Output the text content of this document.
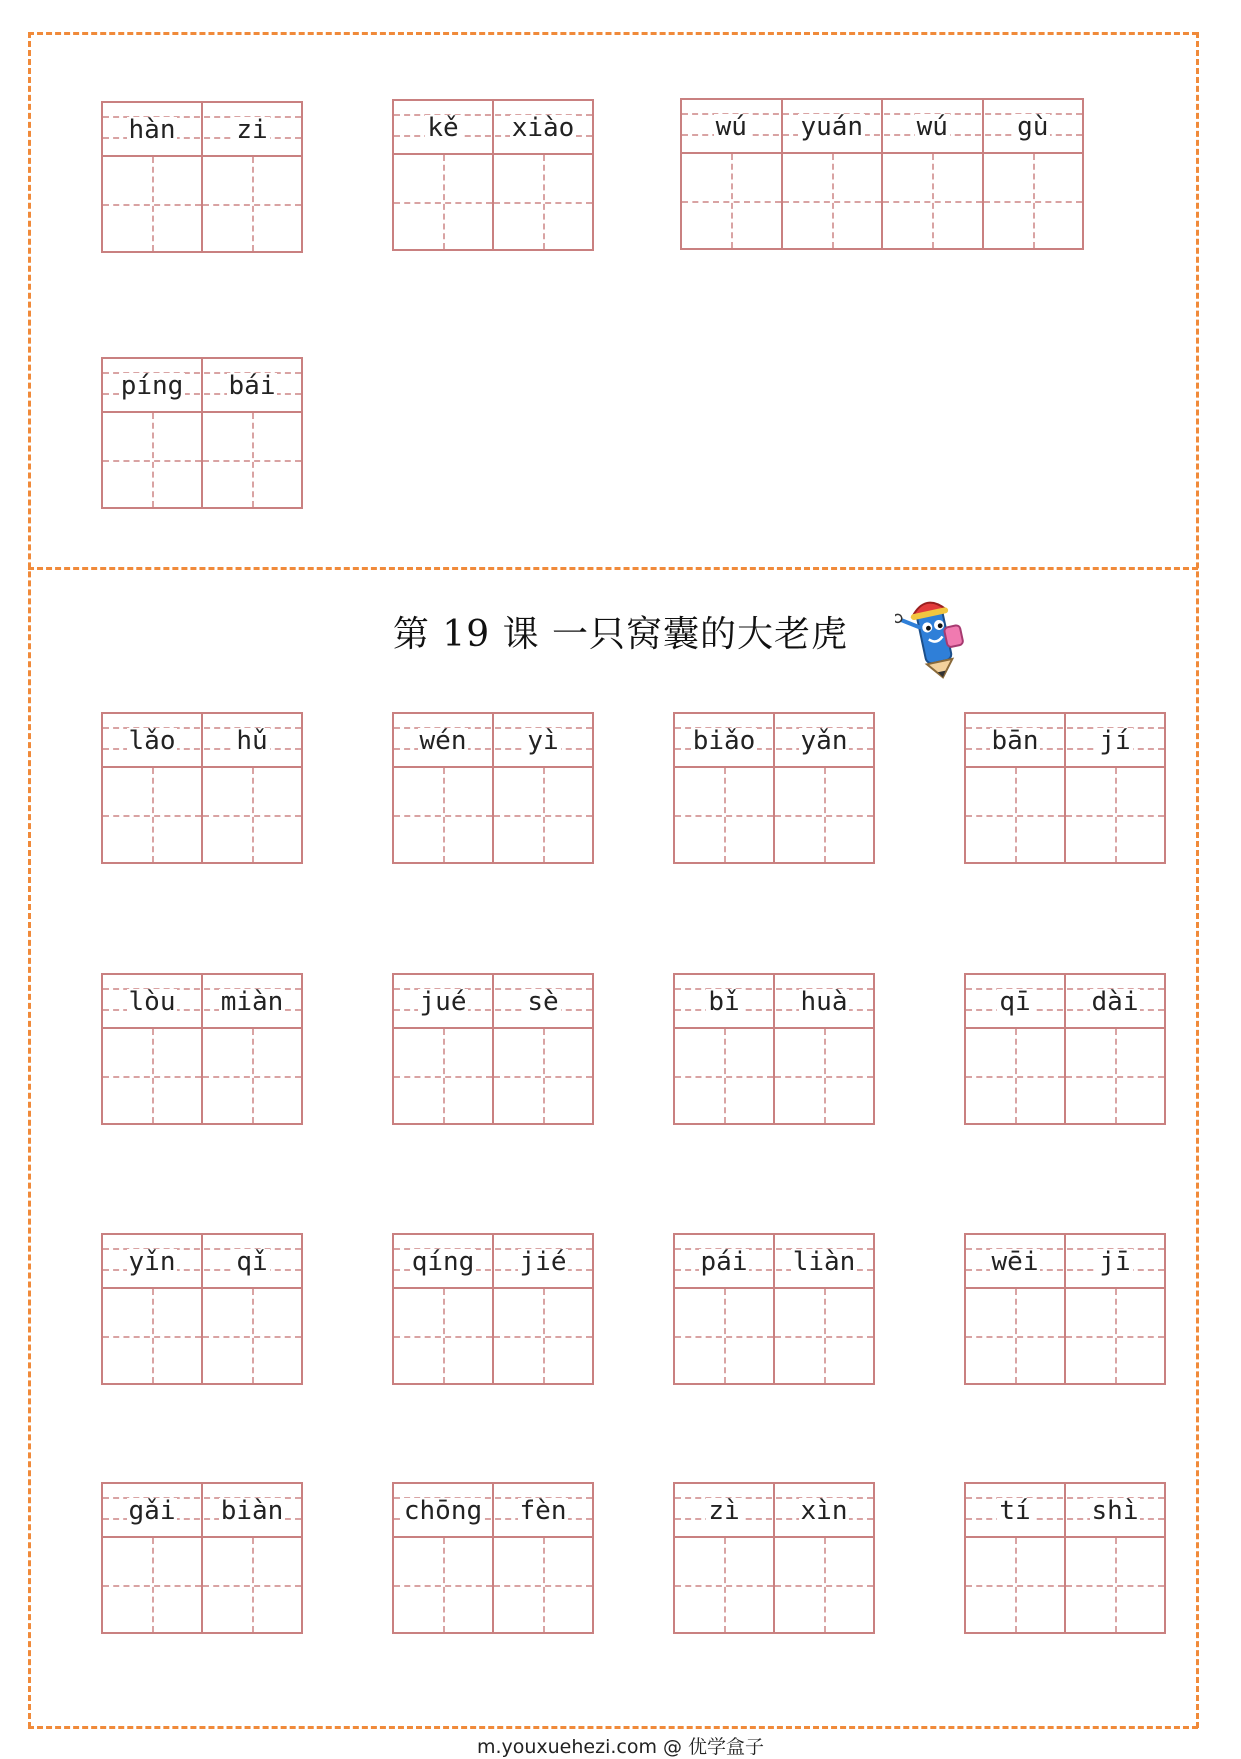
hàn zi	kě xiào	wú yuán wú	gù
píng bái
第 19 课 一只窝囊的大老虎
lǎo hǔ	wén yì	biǎo yǎn	bān jí
lòu miàn	jué sè	bǐ huà	qī dài
yǐn qǐ	qíng jié	pái liàn	wēi jī
gǎi biàn	chōng fèn	zì xìn	tí shì
m.youxuehezi.com @ 优学盒子
